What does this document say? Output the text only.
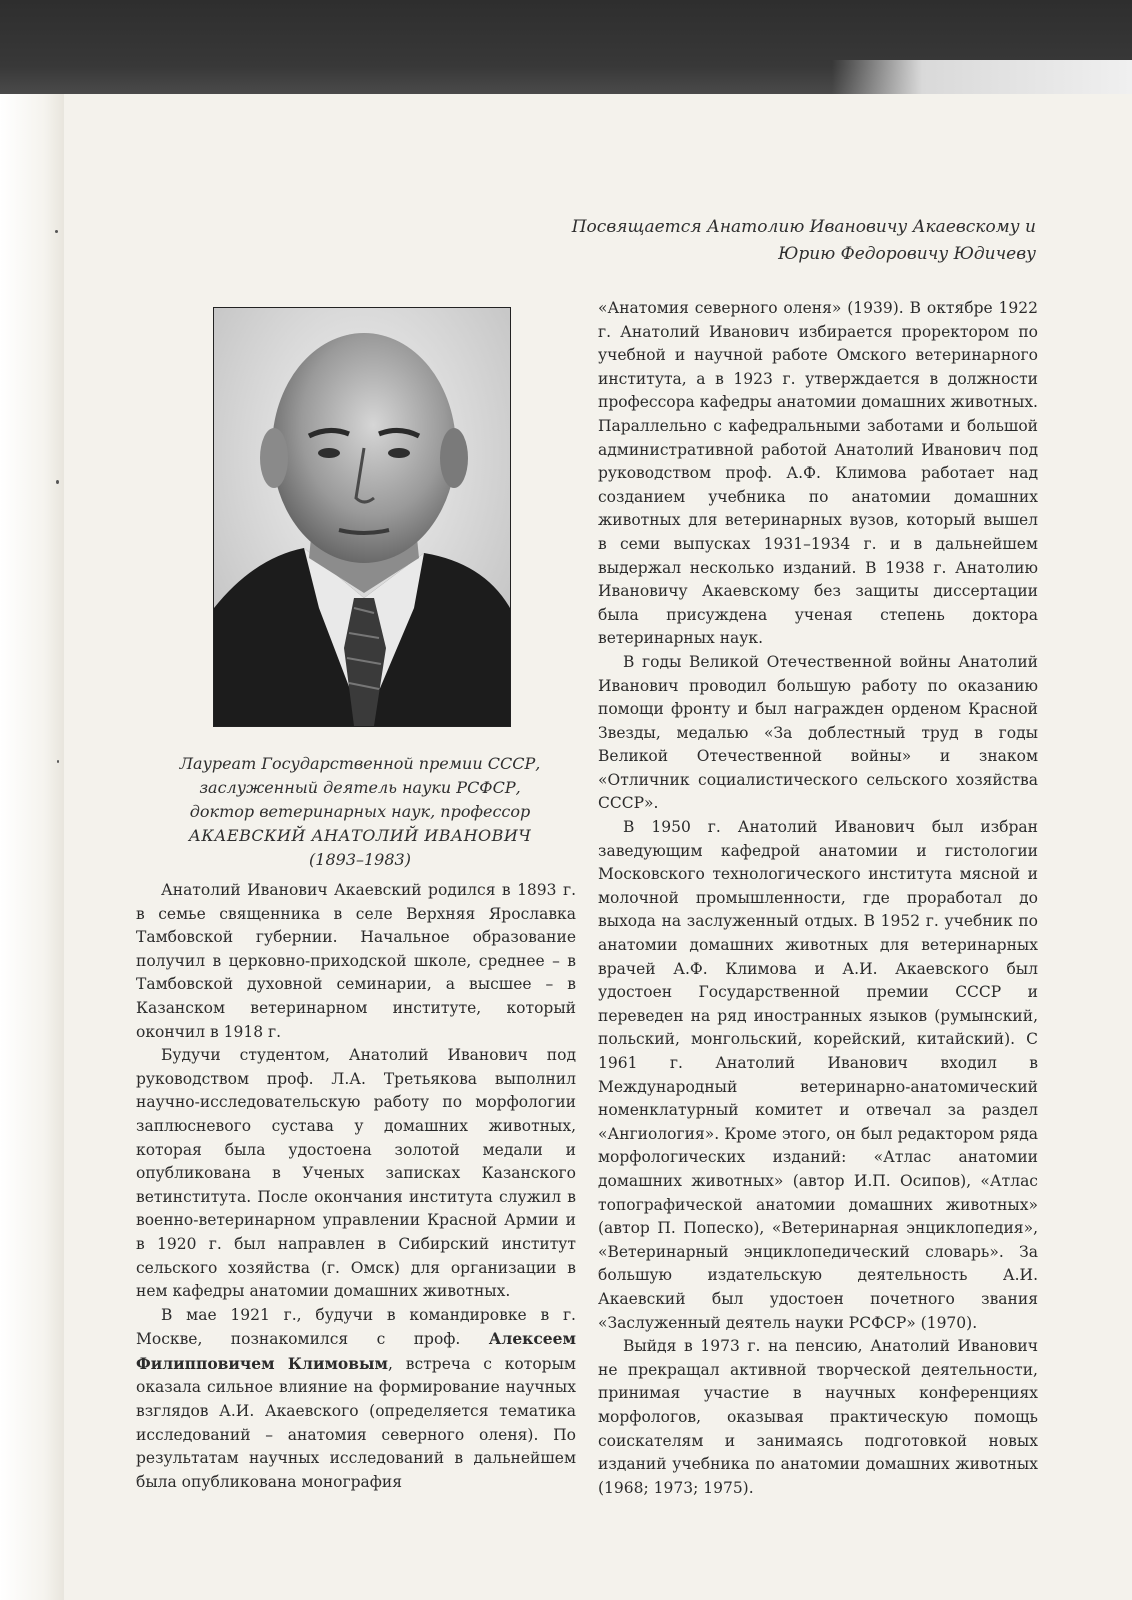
Посвящается Анатолию Ивановичу Акаевскому и
Юрию Федоровичу Юдичеву
Лауреат Государственной премии СССР,
заслуженный деятель науки РСФСР,
доктор ветеринарных наук, профессор
АКАЕВСКИЙ АНАТОЛИЙ ИВАНОВИЧ
(1893–1983)

Анатолий Иванович Акаевский родился в 1893 г. в семье священника в селе Верхняя Ярославка Тамбовской губернии. Начальное образование получил в церковно-приходской школе, среднее – в Тамбовской духовной семинарии, а высшее – в Казанском ветеринарном институте, который окончил в 1918 г.

Будучи студентом, Анатолий Иванович под руководством проф. Л.А. Третьякова выполнил научно-исследовательскую работу по морфологии заплюсневого сустава у домашних животных, которая была удостоена золотой медали и опубликована в Ученых записках Казанского ветинститута. После окончания института служил в военно-ветеринарном управлении Красной Армии и в 1920 г. был направлен в Сибирский институт сельского хозяйства (г. Омск) для организации в нем кафедры анатомии домашних животных.

В мае 1921 г., будучи в командировке в г. Москве, познакомился с проф. Алексеем Филипповичем Климовым, встреча с которым оказала сильное влияние на формирование научных взглядов А.И. Акаевского (определяется тематика исследований – анатомия северного оленя). По результатам научных исследований в дальнейшем была опубликована монография

«Анатомия северного оленя» (1939). В октябре 1922 г. Анатолий Иванович избирается проректором по учебной и научной работе Омского ветеринарного института, а в 1923 г. утверждается в должности профессора кафедры анатомии домашних животных. Параллельно с кафедральными заботами и большой административной работой Анатолий Иванович под руководством проф. А.Ф. Климова работает над созданием учебника по анатомии домашних животных для ветеринарных вузов, который вышел в семи выпусках 1931–1934 г. и в дальнейшем выдержал несколько изданий. В 1938 г. Анатолию Ивановичу Акаевскому без защиты диссертации была присуждена ученая степень доктора ветеринарных наук.

В годы Великой Отечественной войны Анатолий Иванович проводил большую работу по оказанию помощи фронту и был награжден орденом Красной Звезды, медалью «За доблестный труд в годы Великой Отечественной войны» и знаком «Отличник социалистического сельского хозяйства СССР».

В 1950 г. Анатолий Иванович был избран заведующим кафедрой анатомии и гистологии Московского технологического института мясной и молочной промышленности, где проработал до выхода на заслуженный отдых. В 1952 г. учебник по анатомии домашних животных для ветеринарных врачей А.Ф. Климова и А.И. Акаевского был удостоен Государственной премии СССР и переведен на ряд иностранных языков (румынский, польский, монгольский, корейский, китайский). С 1961 г. Анатолий Иванович входил в Международный ветеринарно-анатомический номенклатурный комитет и отвечал за раздел «Ангиология». Кроме этого, он был редактором ряда морфологических изданий: «Атлас анатомии домашних животных» (автор И.П. Осипов), «Атлас топографической анатомии домашних животных» (автор П. Попеско), «Ветеринарная энциклопедия», «Ветеринарный энциклопедический словарь». За большую издательскую деятельность А.И. Акаевский был удостоен почетного звания «Заслуженный деятель науки РСФСР» (1970).

Выйдя в 1973 г. на пенсию, Анатолий Иванович не прекращал активной творческой деятельности, принимая участие в научных конференциях морфологов, оказывая практическую помощь соискателям и занимаясь подготовкой новых изданий учебника по анатомии домашних животных (1968; 1973; 1975).
